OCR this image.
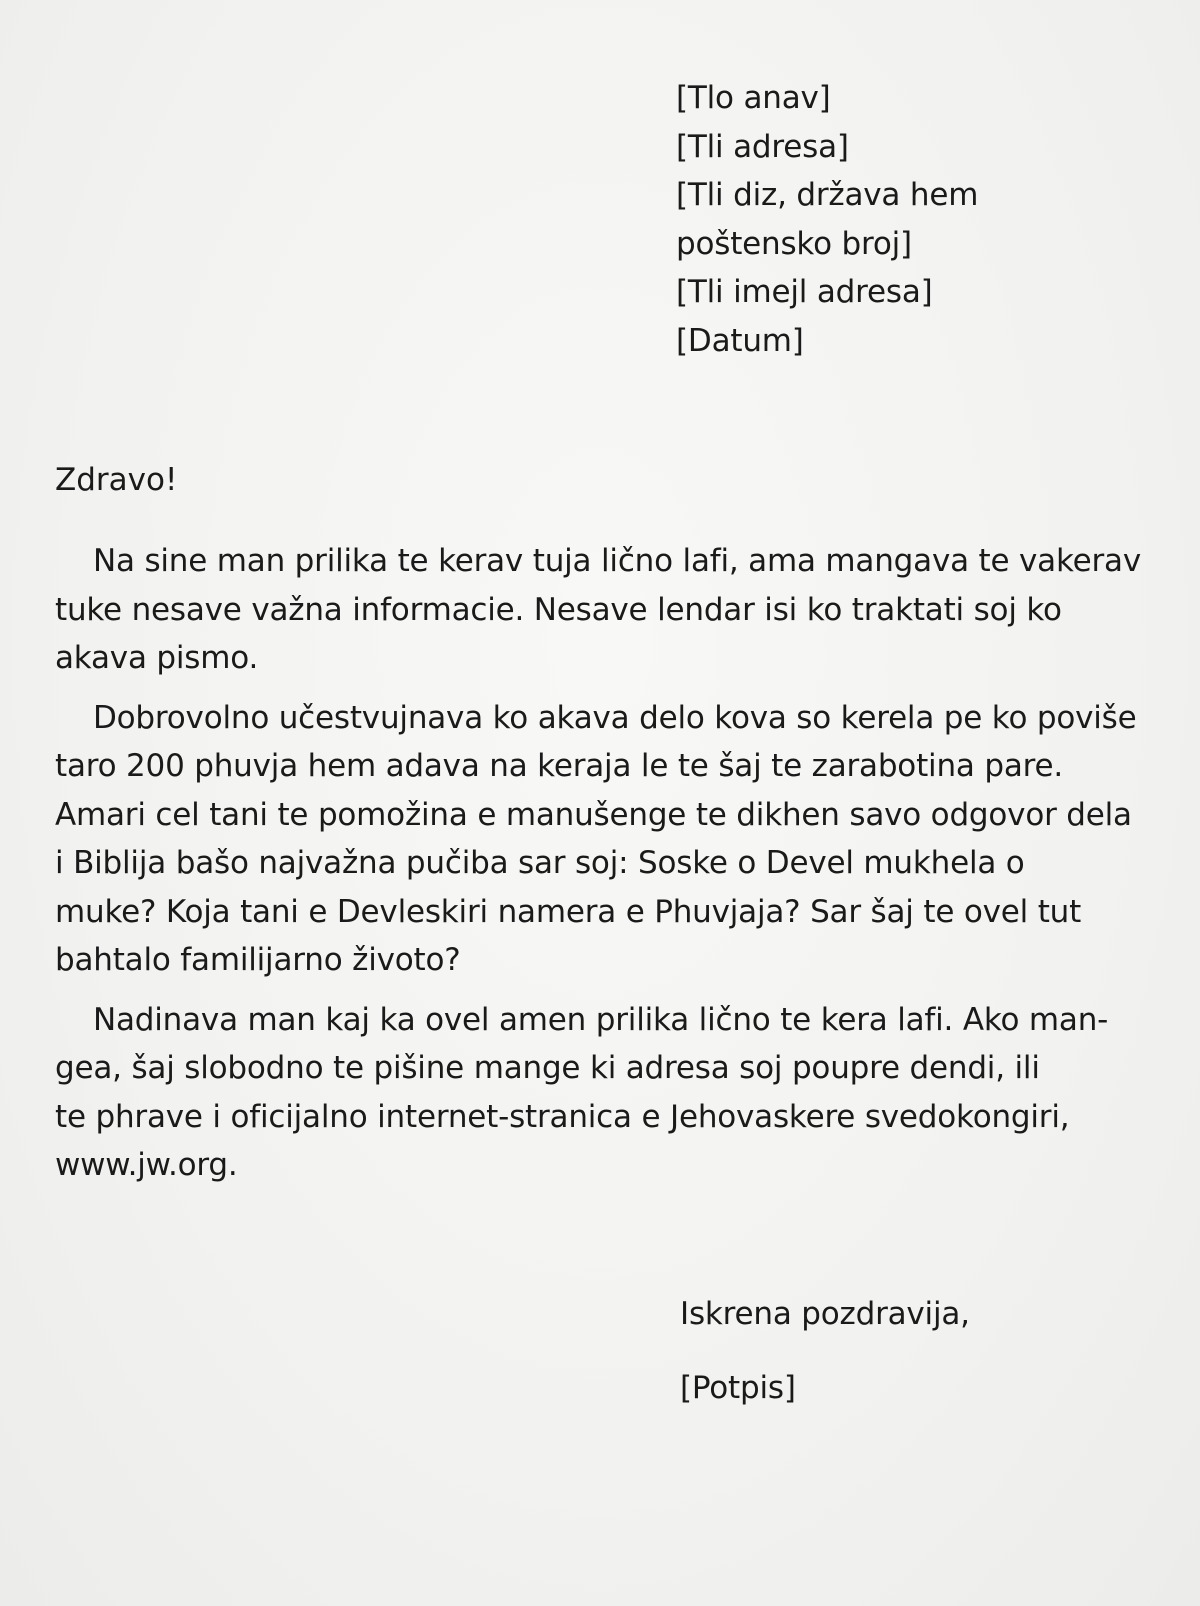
[Tlo anav]
[Tli adresa]
[Tli diz, država hem
poštensko broj]
[Tli imejl adresa]
[Datum]
Zdravo!
Na sine man prilika te kerav tuja lično lafi, ama mangava te vakerav
tuke nesave važna informacie. Nesave lendar isi ko traktati soj ko
akava pismo.
Dobrovolno učestvujnava ko akava delo kova so kerela pe ko poviše
taro 200 phuvja hem adava na keraja le te šaj te zarabotina pare.
Amari cel tani te pomožina e manušenge te dikhen savo odgovor dela
i Biblija bašo najvažna pučiba sar soj: Soske o Devel mukhela o
muke? Koja tani e Devleskiri namera e Phuvjaja? Sar šaj te ovel tut
bahtalo familijarno životo?
Nadinava man kaj ka ovel amen prilika lično te kera lafi. Ako man-
gea, šaj slobodno te pišine mange ki adresa soj poupre dendi, ili
te phrave i oficijalno internet-stranica e Jehovaskere svedokongiri,
www.jw.org.
Iskrena pozdravija,
[Potpis]
